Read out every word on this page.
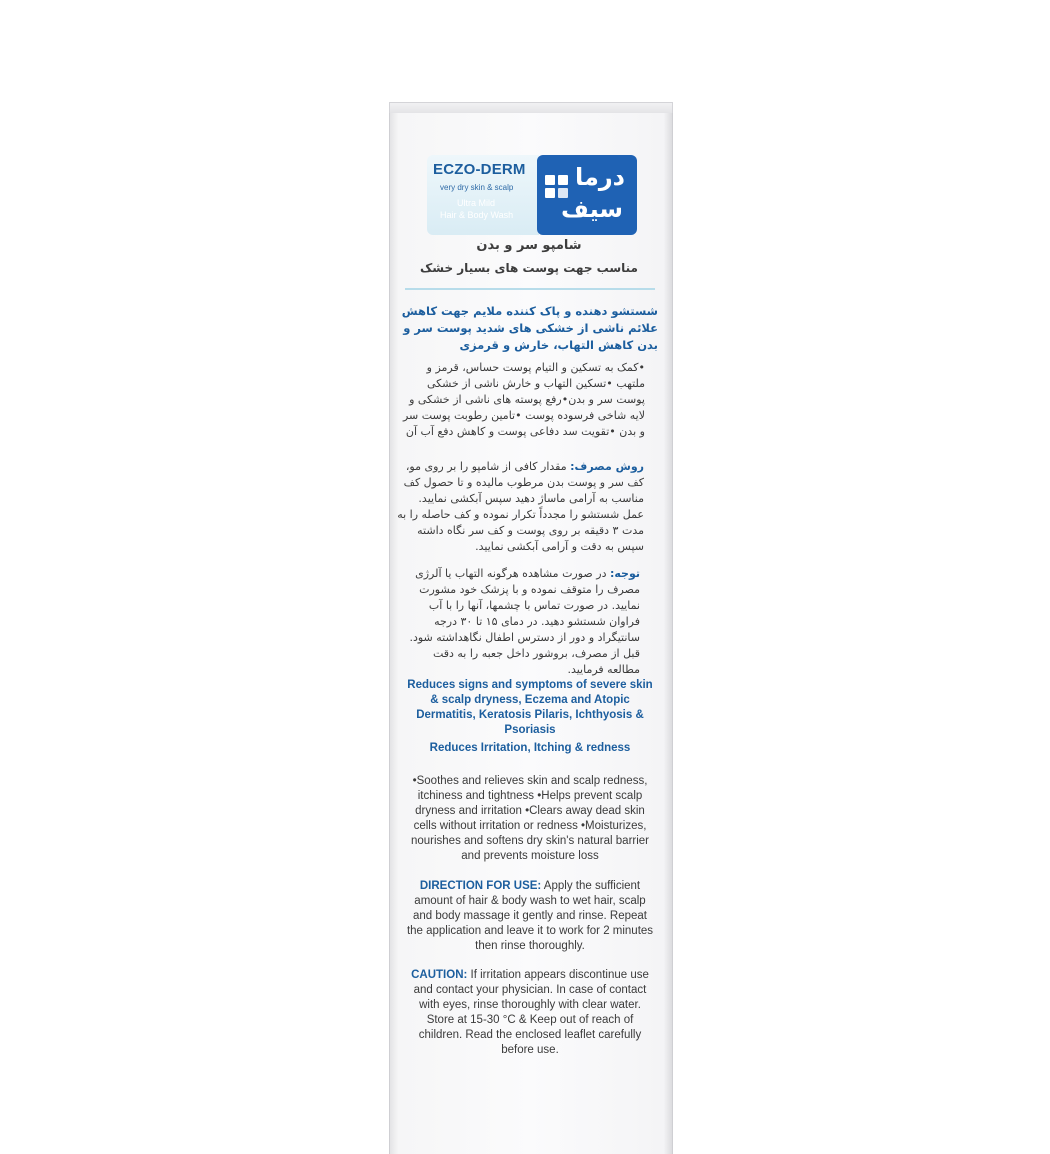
ECZO-DERM
very dry skin & scalp
Ultra Mild
Hair & Body Wash
درما
سیف
شامپو سر و بدن
مناسب جهت پوست های بسیار خشک
شستشو دهنده و پاک کننده ملایم جهت کاهش علائم ناشی از خشکی های شدید پوست سر و بدن کاهش التهاب، خارش و قرمزی
•کمک به تسکین و التیام پوست حساس، قرمز و ملتهب •تسکین التهاب و خارش ناشی از خشکی پوست سر و بدن•رفع پوسته های ناشی از خشکی و لایه شاخی فرسوده پوست •تامین رطوبت پوست سر و بدن •تقویت سد دفاعی پوست و کاهش دفع آب آن
روش مصرف: مقدار کافی از شامپو را بر روی مو، کف سر و پوست بدن مرطوب مالیده و تا حصول کف مناسب به آرامی ماساژ دهید سپس آبکشی نمایید. عمل شستشو را مجدداً تکرار نموده و کف حاصله را به مدت ۳ دقیقه بر روی پوست و کف سر نگاه داشته سپس به دقت و آرامی آبکشی نمایید.
توجه: در صورت مشاهده هرگونه التهاب یا آلرژی مصرف را متوقف نموده و با پزشک خود مشورت نمایید. در صورت تماس با چشمها، آنها را با آب فراوان شستشو دهید. در دمای ۱۵ تا ۳۰ درجه سانتیگراد و دور از دسترس اطفال نگاهداشته شود. قبل از مصرف، بروشور داخل جعبه را به دقت مطالعه فرمایید.
Reduces signs and symptoms of severe skin & scalp dryness, Eczema and Atopic Dermatitis, Keratosis Pilaris, Ichthyosis & Psoriasis
Reduces Irritation, Itching & redness
•Soothes and relieves skin and scalp redness, itchiness and tightness •Helps prevent scalp dryness and irritation •Clears away dead skin cells without irritation or redness •Moisturizes, nourishes and softens dry skin's natural barrier and prevents moisture loss
DIRECTION FOR USE: Apply the sufficient amount of hair & body wash to wet hair, scalp and body massage it gently and rinse. Repeat the application and leave it to work for 2 minutes then rinse thoroughly.
CAUTION: If irritation appears discontinue use and contact your physician. In case of contact with eyes, rinse thoroughly with clear water. Store at 15-30 °C & Keep out of reach of children. Read the enclosed leaflet carefully before use.
